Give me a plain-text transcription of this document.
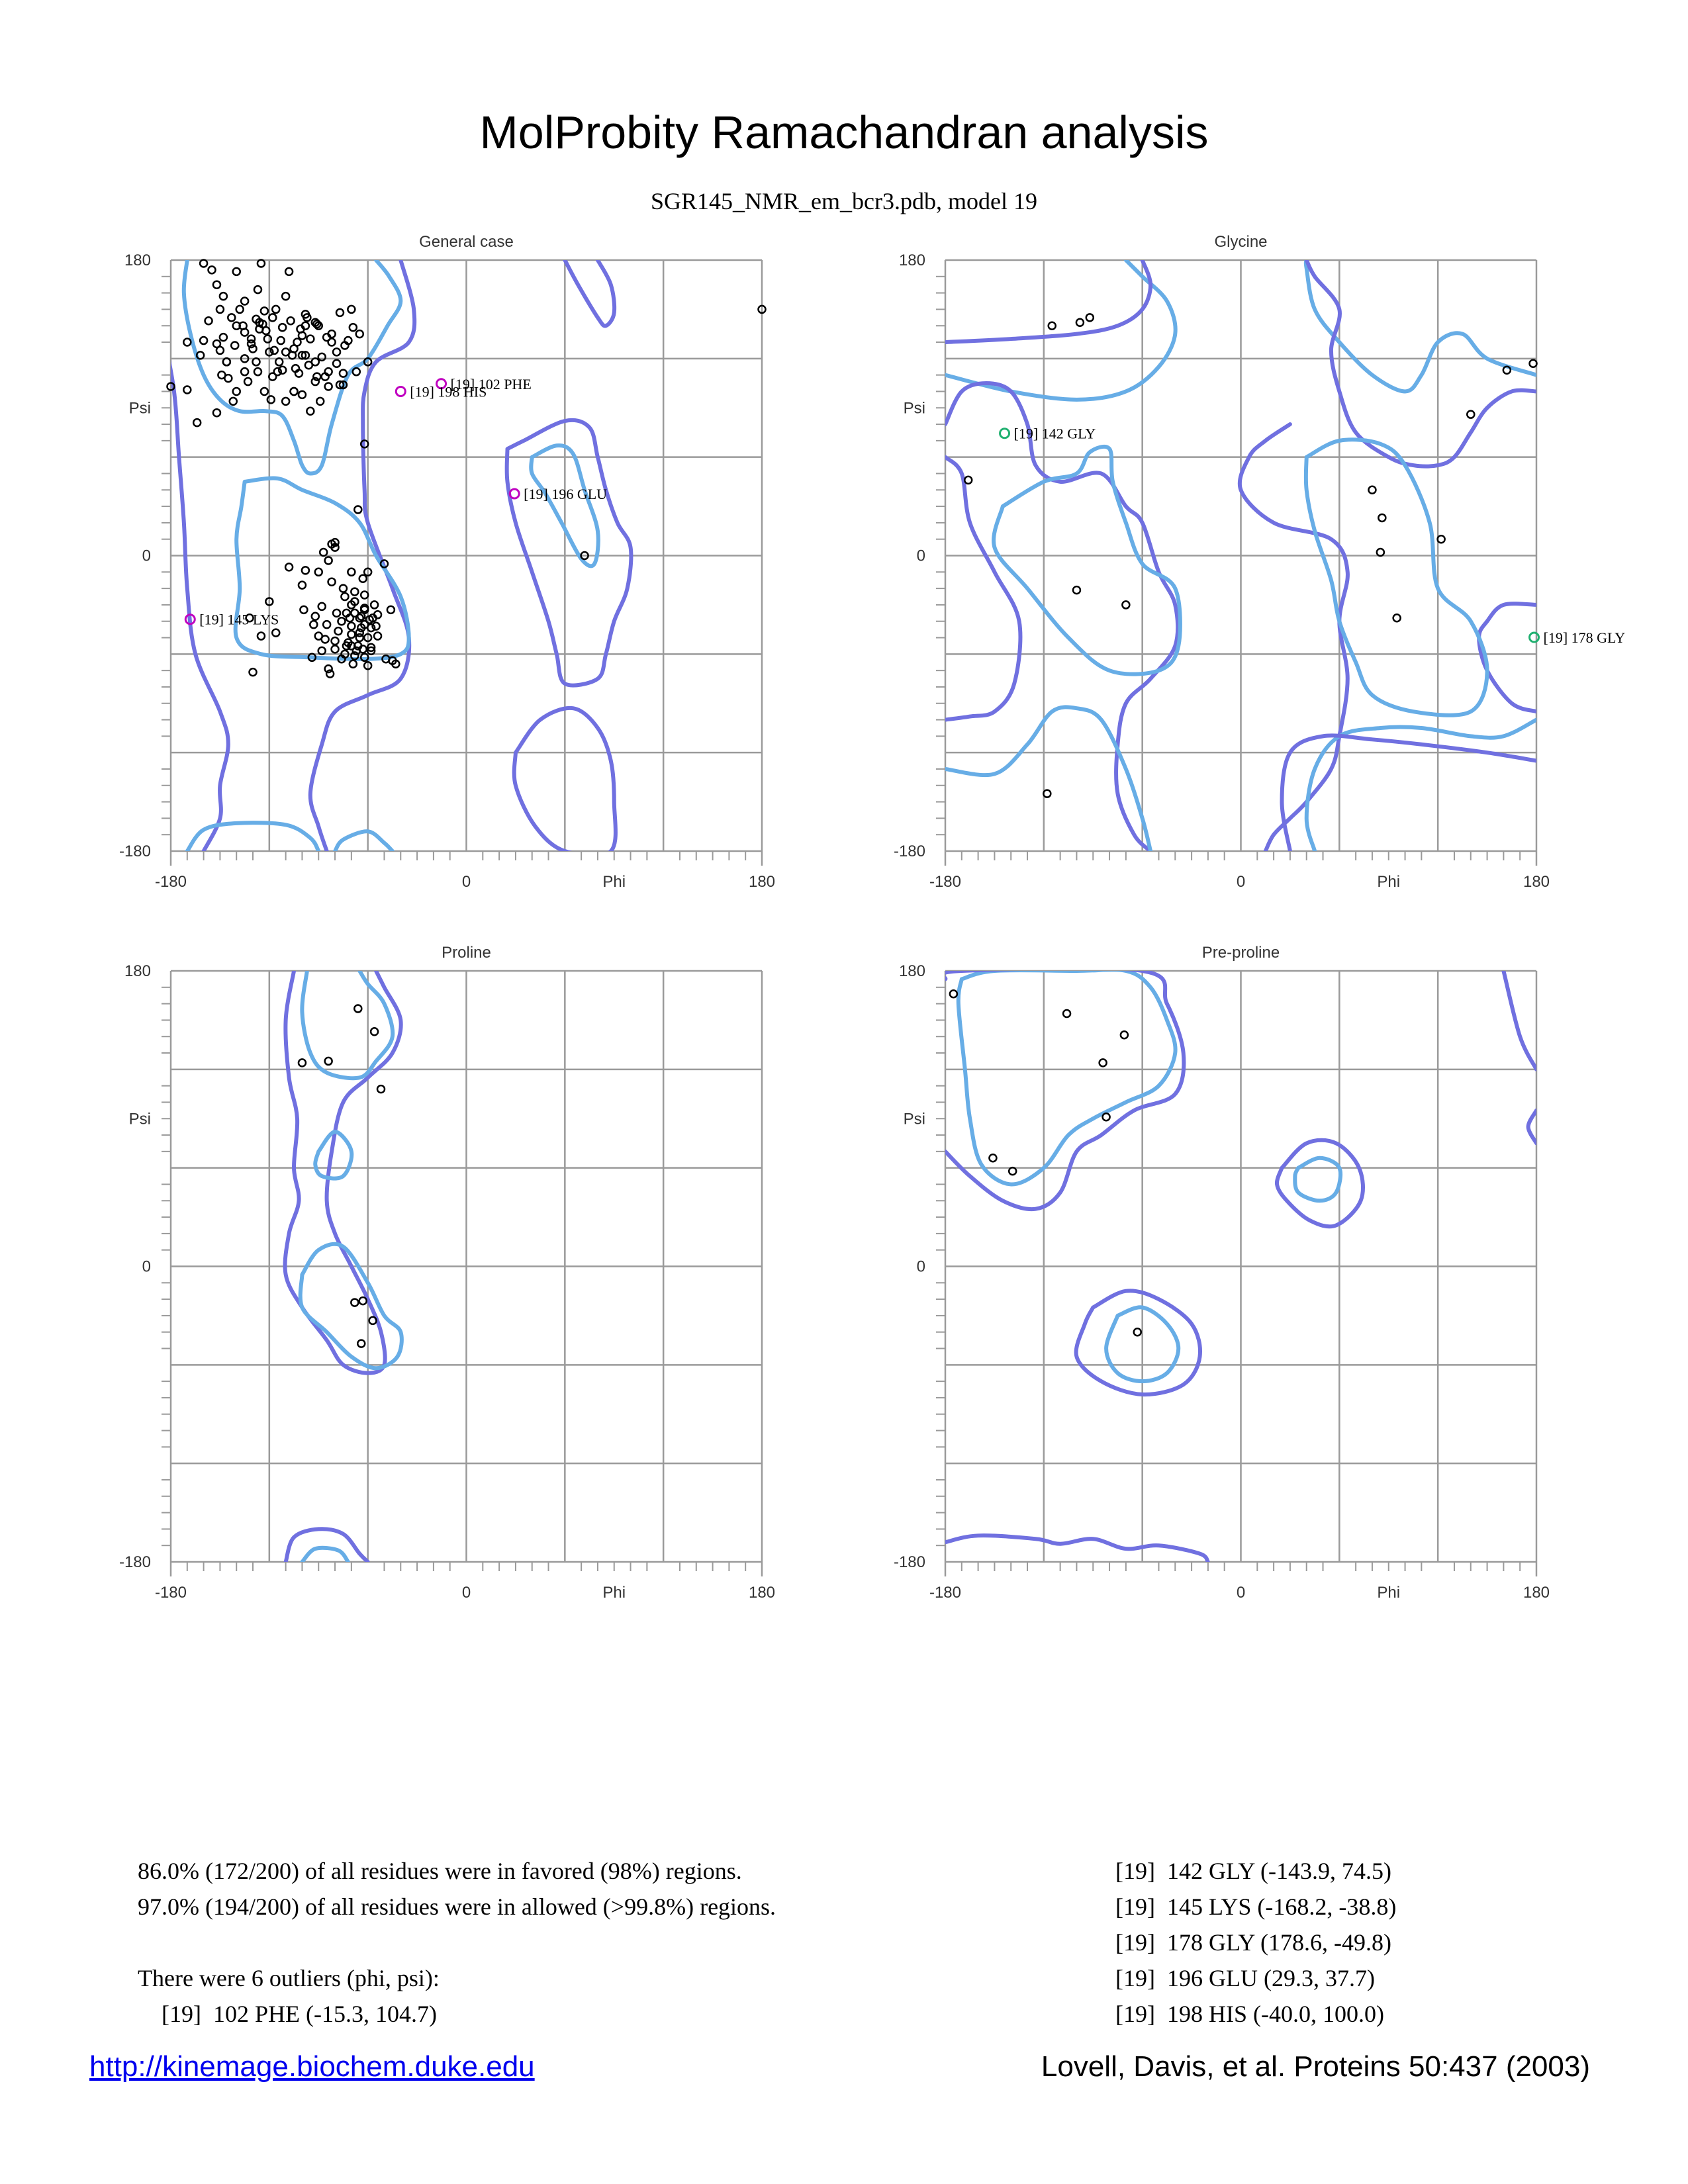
MolProbity Ramachandran analysis
SGR145_NMR_em_bcr3.pdb, model 19
General case
-180
-180
0
0
180
180
Phi
Psi
[19] 102 PHE
[19] 198 HIS
[19] 196 GLU
[19] 145 LYS
Glycine
-180
-180
0
0
180
180
Phi
Psi
[19] 142 GLY
[19] 178 GLY
Proline
-180
-180
0
0
180
180
Phi
Psi
Pre-proline
-180
-180
0
0
180
180
Phi
Psi
86.0% (172/200) of all residues were in favored (98%) regions.
97.0% (194/200) of all residues were in allowed (>99.8%) regions.

There were 6 outliers (phi, psi):
[19]  102 PHE (-15.3, 104.7)
[19]  142 GLY (-143.9, 74.5)
[19]  145 LYS (-168.2, -38.8)
[19]  178 GLY (178.6, -49.8)
[19]  196 GLU (29.3, 37.7)
[19]  198 HIS (-40.0, 100.0)
http://kinemage.biochem.duke.edu	Lovell, Davis, et al. Proteins 50:437 (2003)
